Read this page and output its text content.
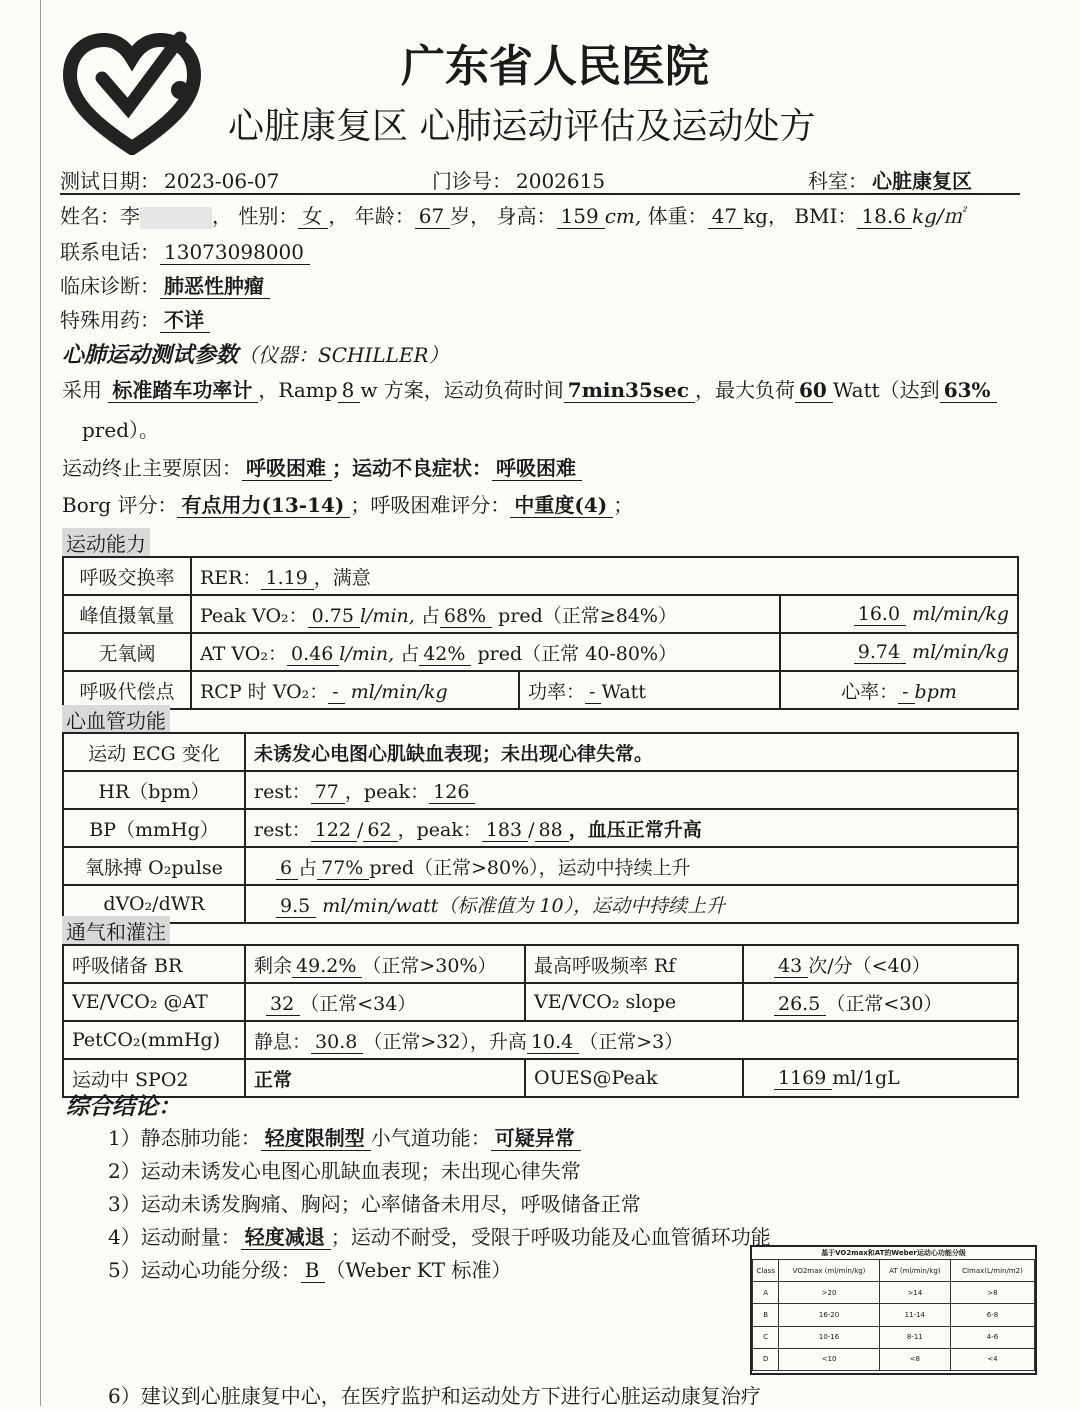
广东省人民医院
心脏康复区 心肺运动评估及运动处方
测试日期： 2023-06-07	门诊号： 2002615	科室： 心脏康复区
姓名：李	， 性别： 女 ， 年龄： 67 岁， 身高： 159 cm, 体重： 47 kg， BMI： 18.6 kg/㎡
联系电话： 13073098000
临床诊断： 肺恶性肿瘤
特殊用药： 不详
心肺运动测试参数（仪器：SCHILLER）
采用 标准踏车功率计 ，Ramp 8 w 方案，运动负荷时间 7min35sec ，最大负荷 60 Watt（达到 63%
pred）。
运动终止主要原因： 呼吸困难 ；运动不良症状： 呼吸困难
Borg 评分： 有点用力(13-14) ；呼吸困难评分： 中重度(4) ；
运动能力
呼吸交换率	RER： 1.19 ，满意		
峰值摄氧量	Peak VO₂： 0.75 l/min, 占 68% pred（正常≥84%）		16.0 ml/min/kg
无氧阈	AT VO₂： 0.46 l/min, 占 42% pred（正常 40-80%）		9.74 ml/min/kg
呼吸代偿点	RCP 时 VO₂： - ml/min/kg	功率： - Watt	心率： - bpm
心血管功能
运动 ECG 变化	未诱发心电图心肌缺血表现；未出现心律失常。
HR（bpm）	rest： 77 ，peak： 126
BP（mmHg）	rest： 122 / 62 ，peak： 183 / 88 ，血压正常升高
氧脉搏 O₂pulse	6 占 77% pred（正常>80%），运动中持续上升
dVO₂/dWR	9.5 ml/min/watt（标准值为 10），运动中持续上升
通气和灌注
呼吸储备 BR	剩余 49.2% （正常>30%）	最高呼吸频率 Rf	43 次/分（<40）
VE/VCO₂ @AT	32 （正常<34）	VE/VCO₂ slope	26.5 （正常<30）
PetCO₂(mmHg)	静息： 30.8 （正常>32），升高 10.4 （正常>3）		
运动中 SPO2	正常	OUES@Peak	1169 ml/1gL
综合结论：
1）静态肺功能： 轻度限制型 小气道功能： 可疑异常
2）运动未诱发心电图心肌缺血表现；未出现心律失常
3）运动未诱发胸痛、胸闷；心率储备未用尽，呼吸储备正常
4）运动耐量： 轻度减退 ；运动不耐受，受限于呼吸功能及心血管循环功能
5）运动心功能分级： B （Weber KT 标准）
基于VO2max和AT的Weber运动心功能分级
Class	VO2max (ml/min/kg)	AT (ml/min/kg)	CImax(L/min/m2)
A	>20	>14	>8
B	16-20	11-14	6-8
C	10-16	8-11	4-6
D	<10	<8	<4
6）建议到心脏康复中心，在医疗监护和运动处方下进行心脏运动康复治疗
